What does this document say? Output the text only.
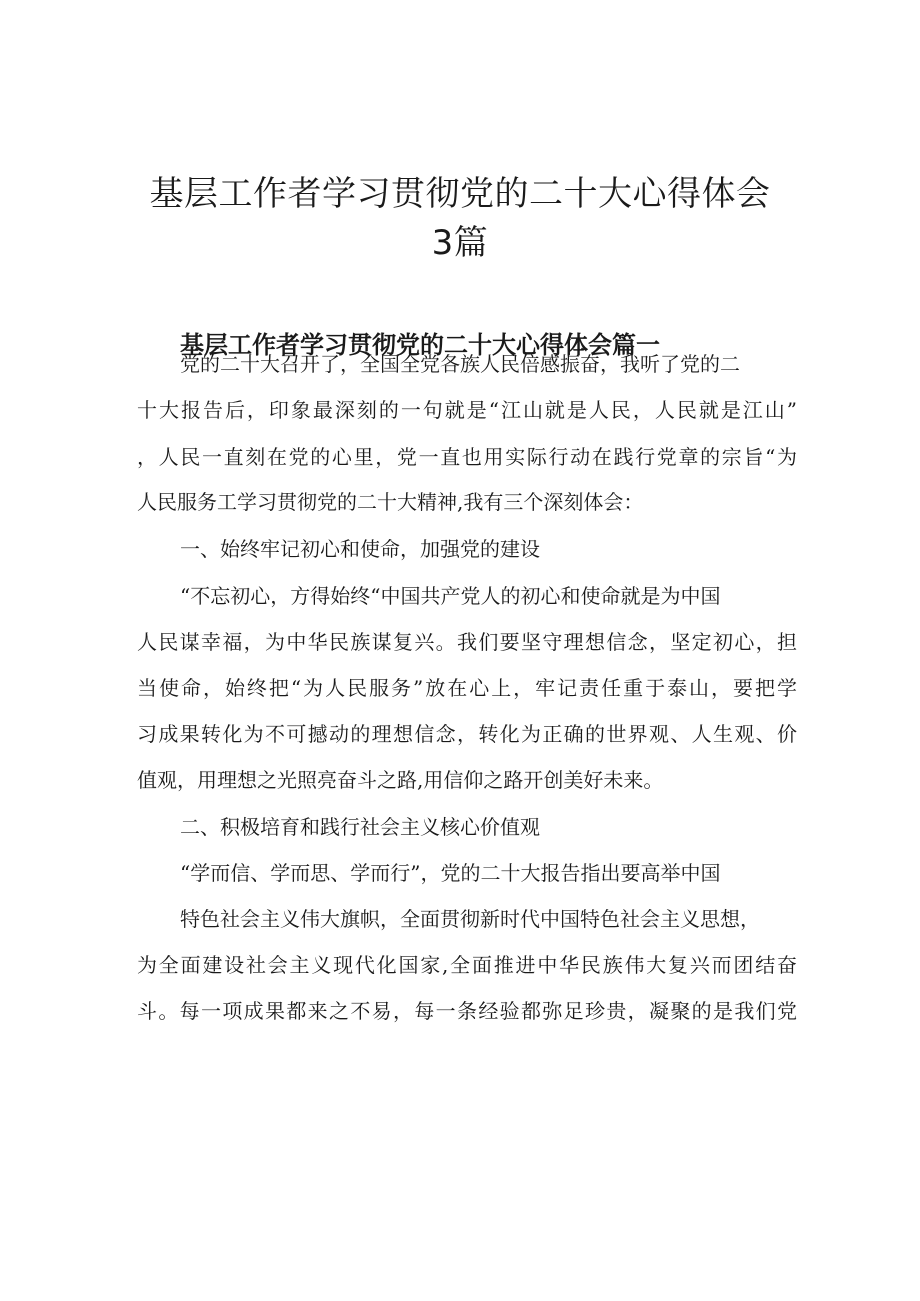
基层工作者学习贯彻党的二十大心得体会
3篇
基层工作者学习贯彻党的二十大心得体会篇一

党的二十大召开了，全国全党各族人民倍感振奋，我听了党的二

十大报告后，印象最深刻的一句就是“江山就是人民，人民就是江山”

，人民一直刻在党的心里，党一直也用实际行动在践行党章的宗旨“为

人民服务工学习贯彻党的二十大精神,我有三个深刻体会：

一、始终牢记初心和使命，加强党的建设

“不忘初心，方得始终“中国共产党人的初心和使命就是为中国

人民谋幸福，为中华民族谋复兴。我们要坚守理想信念，坚定初心，担

当使命，始终把“为人民服务”放在心上，牢记责任重于泰山，要把学

习成果转化为不可撼动的理想信念，转化为正确的世界观、人生观、价

值观，用理想之光照亮奋斗之路,用信仰之路开创美好未来。

二、积极培育和践行社会主义核心价值观

“学而信、学而思、学而行”，党的二十大报告指出要高举中国

特色社会主义伟大旗帜，全面贯彻新时代中国特色社会主义思想，

为全面建设社会主义现代化国家,全面推进中华民族伟大复兴而团结奋

斗。每一项成果都来之不易，每一条经验都弥足珍贵，凝聚的是我们党
